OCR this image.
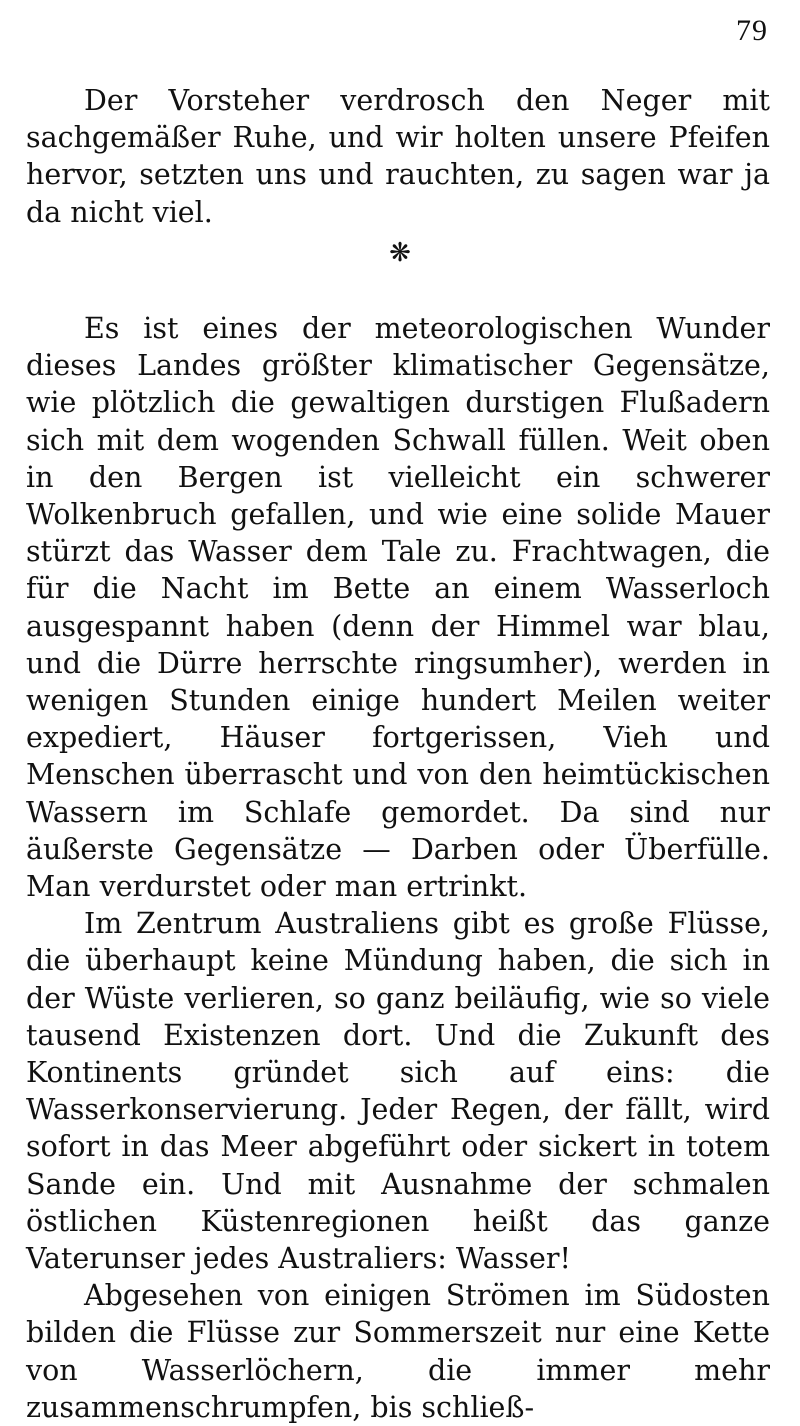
79

Der Vorsteher verdrosch den Neger mit sachgemäßer Ruhe, und wir holten unsere Pfeifen hervor, setzten uns und rauchten, zu sagen war ja da nicht viel.

❋

Es ist eines der meteorologischen Wunder dieses Landes größter klimatischer Gegensätze, wie plötzlich die gewaltigen durstigen Flußadern sich mit dem wogenden Schwall füllen. Weit oben in den Bergen ist vielleicht ein schwerer Wolkenbruch gefallen, und wie eine solide Mauer stürzt das Wasser dem Tale zu. Frachtwagen, die für die Nacht im Bette an einem Wasserloch ausgespannt haben (denn der Himmel war blau, und die Dürre herrschte ringsumher), werden in wenigen Stunden einige hundert Meilen weiter expediert, Häuser fortgerissen, Vieh und Menschen überrascht und von den heimtückischen Wassern im Schlafe gemordet. Da sind nur äußerste Gegensätze — Darben oder Überfülle. Man verdurstet oder man ertrinkt.

Im Zentrum Australiens gibt es große Flüsse, die überhaupt keine Mündung haben, die sich in der Wüste verlieren, so ganz beiläufig, wie so viele tausend Existenzen dort. Und die Zukunft des Kontinents gründet sich auf eins: die Wasserkonservierung. Jeder Regen, der fällt, wird sofort in das Meer abgeführt oder sickert in totem Sande ein. Und mit Ausnahme der schmalen östlichen Küstenregionen heißt das ganze Vaterunser jedes Australiers: Wasser!

Abgesehen von einigen Strömen im Südosten bilden die Flüsse zur Sommerszeit nur eine Kette von Wasserlöchern, die immer mehr zusammenschrumpfen, bis schließ-
